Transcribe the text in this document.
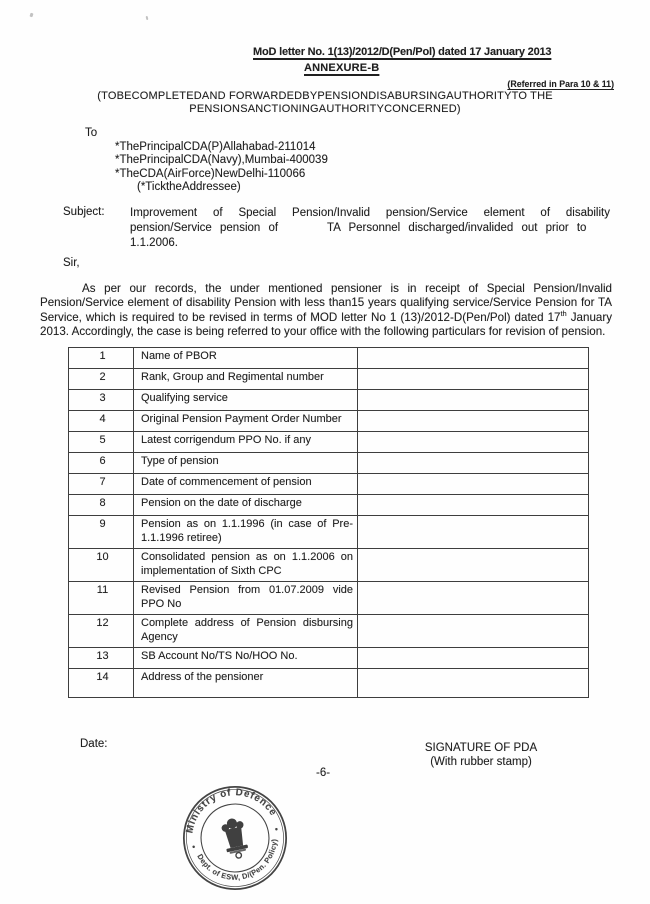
MoD letter No. 1(13)/2012/D(Pen/Pol) dated 17 January 2013
ANNEXURE-B
(Referred in Para 10 & 11)
(TOBECOMPLETEDAND FORWARDEDBYPENSIONDISABURSINGAUTHORITYTO THE
PENSIONSANCTIONINGAUTHORITYCONCERNED)
To
*ThePrincipalCDA(P)Allahabad-211014
*ThePrincipalCDA(Navy),Mumbai-400039
*TheCDA(AirForce)NewDelhi-110066
(*TicktheAddressee)
Subject: Improvement of Special Pension/Invalid pension/Service element of disability
pension/Service pension of      TA Personnel discharged/invalided out prior to
1.1.2006.
Sir,

As per our records, the under mentioned pensioner is in receipt of Special Pension/Invalid Pension/Service element of disability Pension with less than15 years qualifying service/Service Pension for TA Service, which is required to be revised in terms of MOD letter No 1 (13)/2012-D(Pen/Pol) dated 17th January 2013. Accordingly, the case is being referred to your office with the following particulars for revision of pension.

1	Name of PBOR	
2	Rank, Group and Regimental number	
3	Qualifying service	
4	Original Pension Payment Order Number	
5	Latest corrigendum PPO No. if any	
6	Type of pension	
7	Date of commencement of pension	
8	Pension on the date of discharge	
9	Pension as on 1.1.1996 (in case of Pre-1.1.1996 retiree)	
10	Consolidated pension as on 1.1.2006 on implementation of Sixth CPC	
11	Revised Pension from 01.07.2009 vide PPO No	
12	Complete address of Pension disbursing Agency	
13	SB Account No/TS No/HOO No.	
14	Address of the pensioner	
Date:	SIGNATURE OF PDA
(With rubber stamp)
-6-
Ministry of Defence
Dept. of ESW, D/(Pen. Policy)
•
•
